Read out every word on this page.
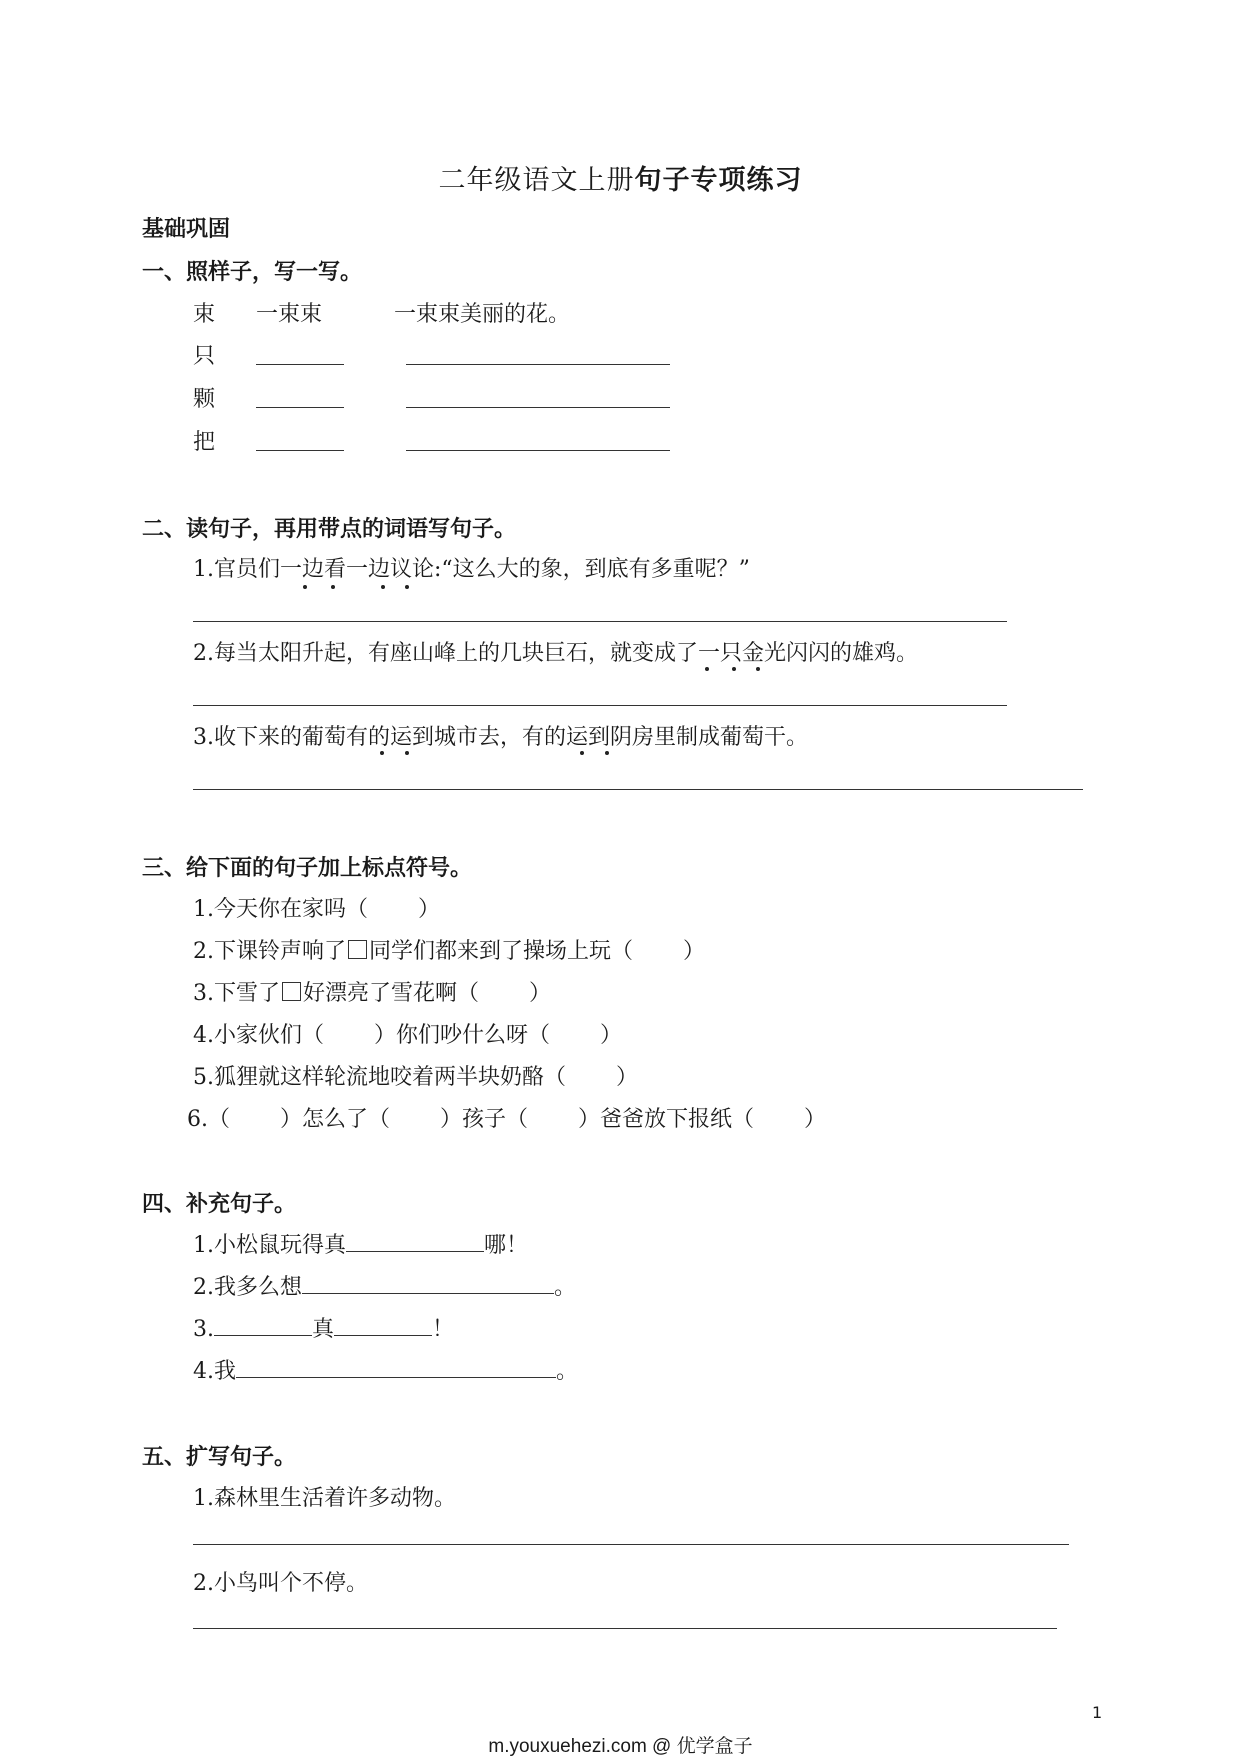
二年级语文上册句子专项练习
基础巩固
一、照样子，写一写。
束 一束束	一束束美丽的花。
只
颗
把
二、读句子，再用带点的词语写句子。
1.官员们一边看一边议论:“这么大的象，到底有多重呢？”
2.每当太阳升起，有座山峰上的几块巨石，就变成了一只金光闪闪的雄鸡。
3.收下来的葡萄有的运到城市去，有的运到阴房里制成葡萄干。
三、给下面的句子加上标点符号。
1.今天你在家吗（ ）
2.下课铃声响了 同学们都来到了操场上玩（ ）
3.下雪了 好漂亮了雪花啊（ ）
4.小家伙们（ ）你们吵什么呀（ ）
5.狐狸就这样轮流地咬着两半块奶酪（ ）
6.（ ）怎么了（ ）孩子（ ）爸爸放下报纸（ ）
四、补充句子。
1.小松鼠玩得真	哪！
2.我多么想	。
3.	真	！
4.我	。
五、扩写句子。
1.森林里生活着许多动物。
2.小鸟叫个不停。
1
m.youxuehezi.com @ 优学盒子
